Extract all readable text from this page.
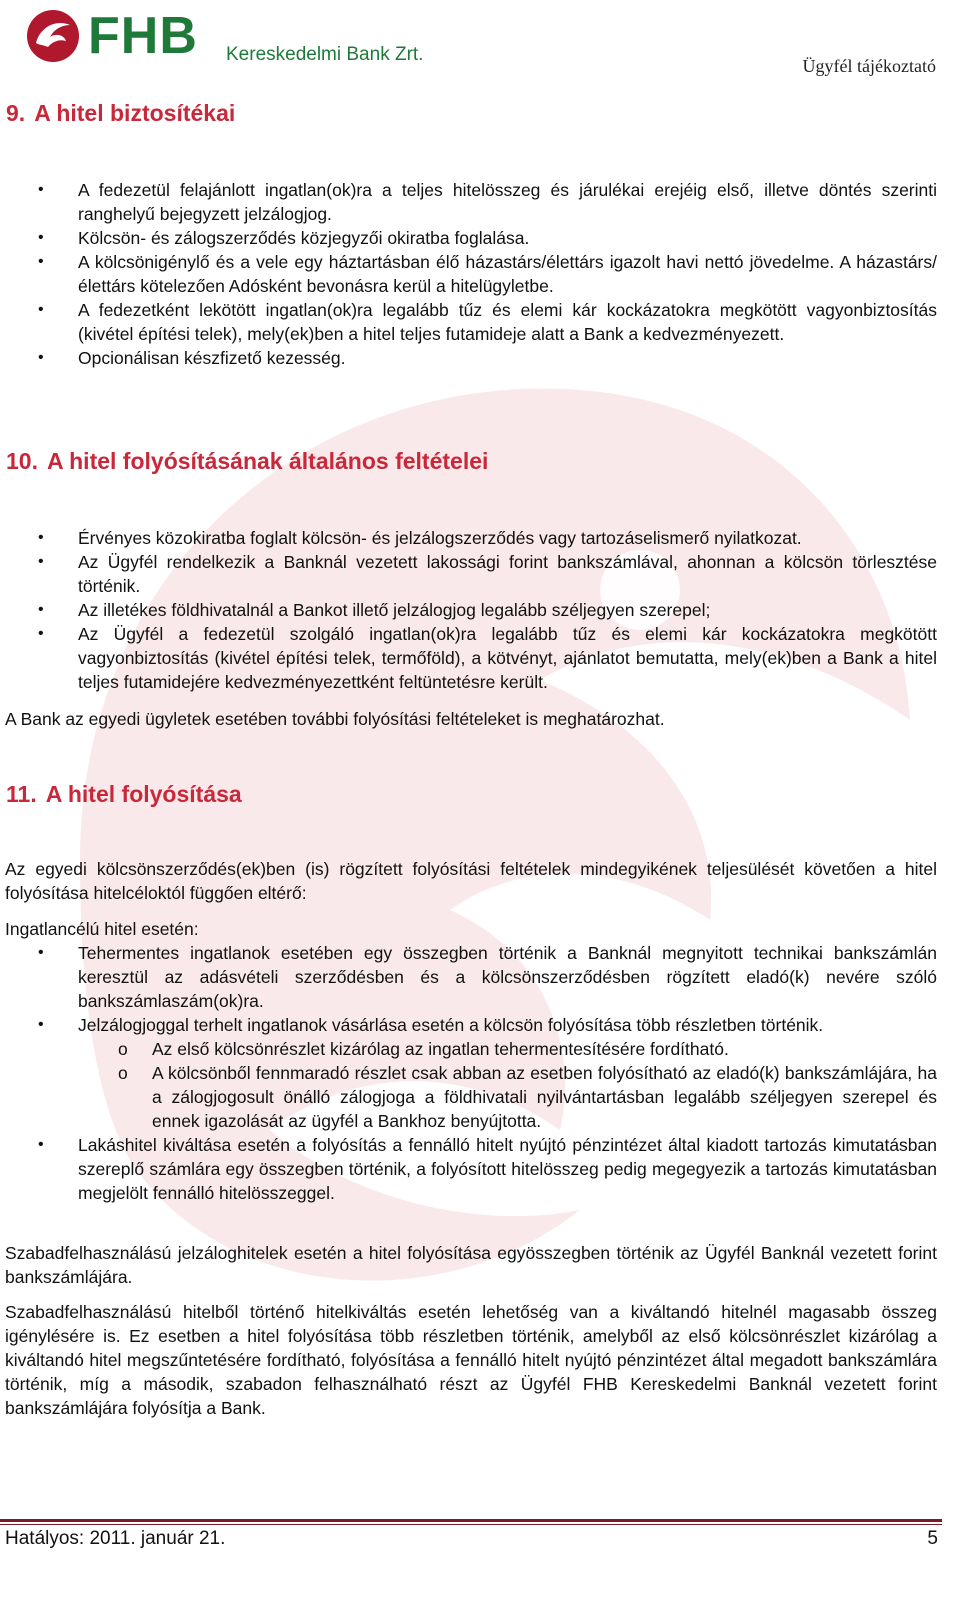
FHB Kereskedelmi Bank Zrt.
Ügyfél tájékoztató
9. A hitel biztosítékai
• A fedezetül felajánlott ingatlan(ok)ra a teljes hitelösszeg és járulékai erejéig első, illetve döntés szerinti ranghelyű bejegyzett jelzálogjog.
• Kölcsön- és zálogszerződés közjegyzői okiratba foglalása.
• A kölcsönigénylő és a vele egy háztartásban élő házastárs/élettárs igazolt havi nettó jövedelme. A házastárs/élettárs kötelezően Adósként bevonásra kerül a hitelügyletbe.
• A fedezetként lekötött ingatlan(ok)ra legalább tűz és elemi kár kockázatokra megkötött vagyonbiztosítás (kivétel építési telek), mely(ek)ben a hitel teljes futamideje alatt a Bank a kedvezményezett.
• Opcionálisan készfizető kezesség.
10. A hitel folyósításának általános feltételei
• Érvényes közokiratba foglalt kölcsön- és jelzálogszerződés vagy tartozáselismerő nyilatkozat.
• Az Ügyfél rendelkezik a Banknál vezetett lakossági forint bankszámlával, ahonnan a kölcsön törlesztése történik.
• Az illetékes földhivatalnál a Bankot illető jelzálogjog legalább széljegyen szerepel;
• Az Ügyfél a fedezetül szolgáló ingatlan(ok)ra legalább tűz és elemi kár kockázatokra megkötött vagyonbiztosítás (kivétel építési telek, termőföld), a kötvényt, ajánlatot bemutatta, mely(ek)ben a Bank a hitel teljes futamidejére kedvezményezettként feltüntetésre került.
A Bank az egyedi ügyletek esetében további folyósítási feltételeket is meghatározhat.
11. A hitel folyósítása
Az egyedi kölcsönszerződés(ek)ben (is) rögzített folyósítási feltételek mindegyikének teljesülését követően a hitel folyósítása hitelcéloktól függően eltérő:
Ingatlancélú hitel esetén:
• Tehermentes ingatlanok esetében egy összegben történik a Banknál megnyitott technikai bankszámlán keresztül az adásvételi szerződésben és a kölcsönszerződésben rögzített eladó(k) nevére szóló bankszámlaszám(ok)ra.
• Jelzálogjoggal terhelt ingatlanok vásárlása esetén a kölcsön folyósítása több részletben történik.
o Az első kölcsönrészlet kizárólag az ingatlan tehermentesítésére fordítható.
o A kölcsönből fennmaradó részlet csak abban az esetben folyósítható az eladó(k) bankszámlájára, ha a zálogjogosult önálló zálogjoga a földhivatali nyilvántartásban legalább széljegyen szerepel és ennek igazolását az ügyfél a Bankhoz benyújtotta.
• Lakáshitel kiváltása esetén a folyósítás a fennálló hitelt nyújtó pénzintézet által kiadott tartozás kimutatásban szereplő számlára egy összegben történik, a folyósított hitelösszeg pedig megegyezik a tartozás kimutatásban megjelölt fennálló hitelösszeggel.
Szabadfelhasználású jelzáloghitelek esetén a hitel folyósítása egyösszegben történik az Ügyfél Banknál vezetett forint bankszámlájára.
Szabadfelhasználású hitelből történő hitelkiváltás esetén lehetőség van a kiváltandó hitelnél magasabb összeg igénylésére is. Ez esetben a hitel folyósítása több részletben történik, amelyből az első kölcsönrészlet kizárólag a kiváltandó hitel megszűntetésére fordítható, folyósítása a fennálló hitelt nyújtó pénzintézet által megadott bankszámlára történik, míg a második, szabadon felhasználható részt az Ügyfél FHB Kereskedelmi Banknál vezetett forint bankszámlájára folyósítja a Bank.
Hatályos: 2011. január 21.	5
